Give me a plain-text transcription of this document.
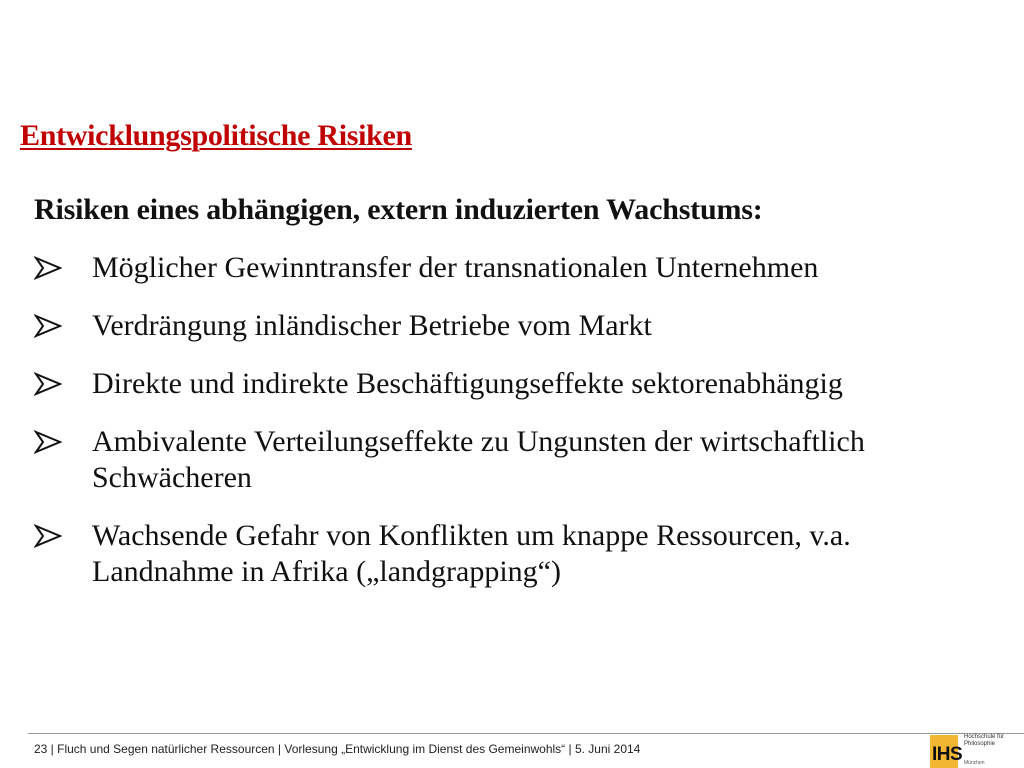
Entwicklungspolitische Risiken
Risiken eines abhängigen, extern induzierten Wachstums:
Möglicher Gewinntransfer der transnationalen Unternehmen
Verdrängung inländischer Betriebe vom Markt
Direkte und indirekte Beschäftigungseffekte sektorenabhängig
Ambivalente Verteilungseffekte zu Ungunsten der wirtschaftlich Schwächeren
Wachsende Gefahr von Konflikten um knappe Ressourcen, v.a. Landnahme in Afrika („landgrapping“)
23 | Fluch und Segen natürlicher Ressourcen | Vorlesung „Entwicklung im Dienst des Gemeinwohls“ | 5. Juni 2014	IHS
Hochschule für
Philosophie
München
